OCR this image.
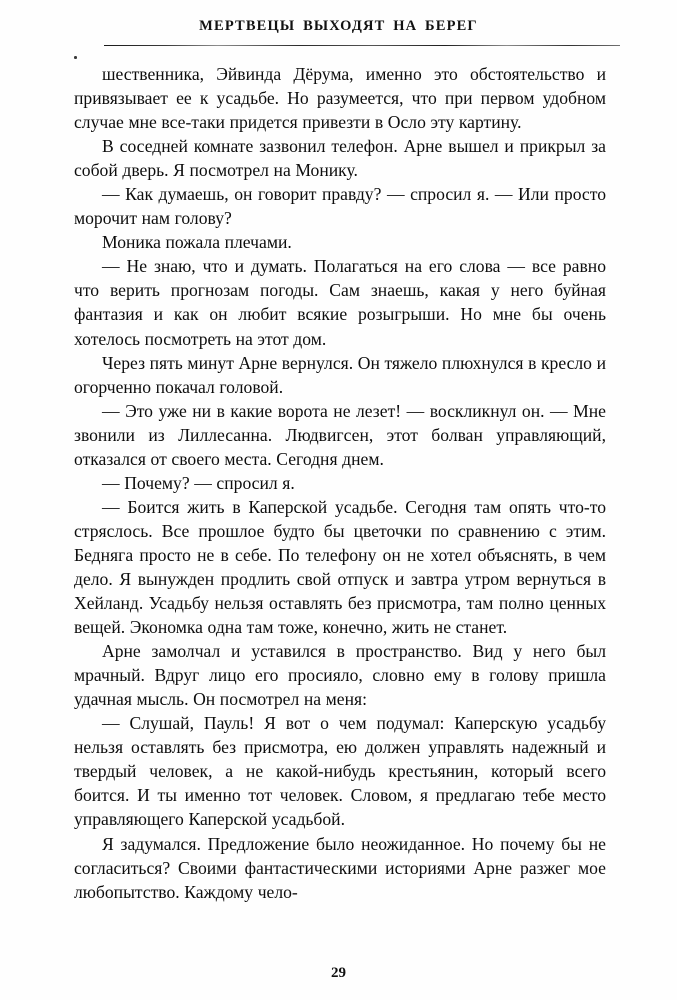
МЕРТВЕЦЫ ВЫХОДЯТ НА БЕРЕГ

шественника, Эйвинда Дёрума, именно это обстоятельство и привязывает ее к усадьбе. Но разумеется, что при первом удобном случае мне все-таки придется привезти в Осло эту картину.

В соседней комнате зазвонил телефон. Арне вышел и прикрыл за собой дверь. Я посмотрел на Монику.

— Как думаешь, он говорит правду? — спросил я. — Или просто морочит нам голову?

Моника пожала плечами.

— Не знаю, что и думать. Полагаться на его слова — все равно что верить прогнозам погоды. Сам знаешь, какая у него буйная фантазия и как он любит всякие розыгрыши. Но мне бы очень хотелось посмотреть на этот дом.

Через пять минут Арне вернулся. Он тяжело плюхнулся в кресло и огорченно покачал головой.

— Это уже ни в какие ворота не лезет! — воскликнул он. — Мне звонили из Лиллесанна. Людвигсен, этот болван управляющий, отказался от своего места. Сегодня днем.

— Почему? — спросил я.

— Боится жить в Каперской усадьбе. Сегодня там опять что-то стряслось. Все прошлое будто бы цветочки по сравнению с этим. Бедняга просто не в себе. По телефону он не хотел объяснять, в чем дело. Я вынужден продлить свой отпуск и завтра утром вернуться в Хейланд. Усадьбу нельзя оставлять без присмотра, там полно ценных вещей. Экономка одна там тоже, конечно, жить не станет.

Арне замолчал и уставился в пространство. Вид у него был мрачный. Вдруг лицо его просияло, словно ему в голову пришла удачная мысль. Он посмотрел на меня:

— Слушай, Пауль! Я вот о чем подумал: Каперскую усадьбу нельзя оставлять без присмотра, ею должен управлять надежный и твердый человек, а не какой-нибудь крестьянин, который всего боится. И ты именно тот человек. Словом, я предлагаю тебе место управляющего Каперской усадьбой.

Я задумался. Предложение было неожиданное. Но почему бы не согласиться? Своими фантастическими историями Арне разжег мое любопытство. Каждому чело-

29
